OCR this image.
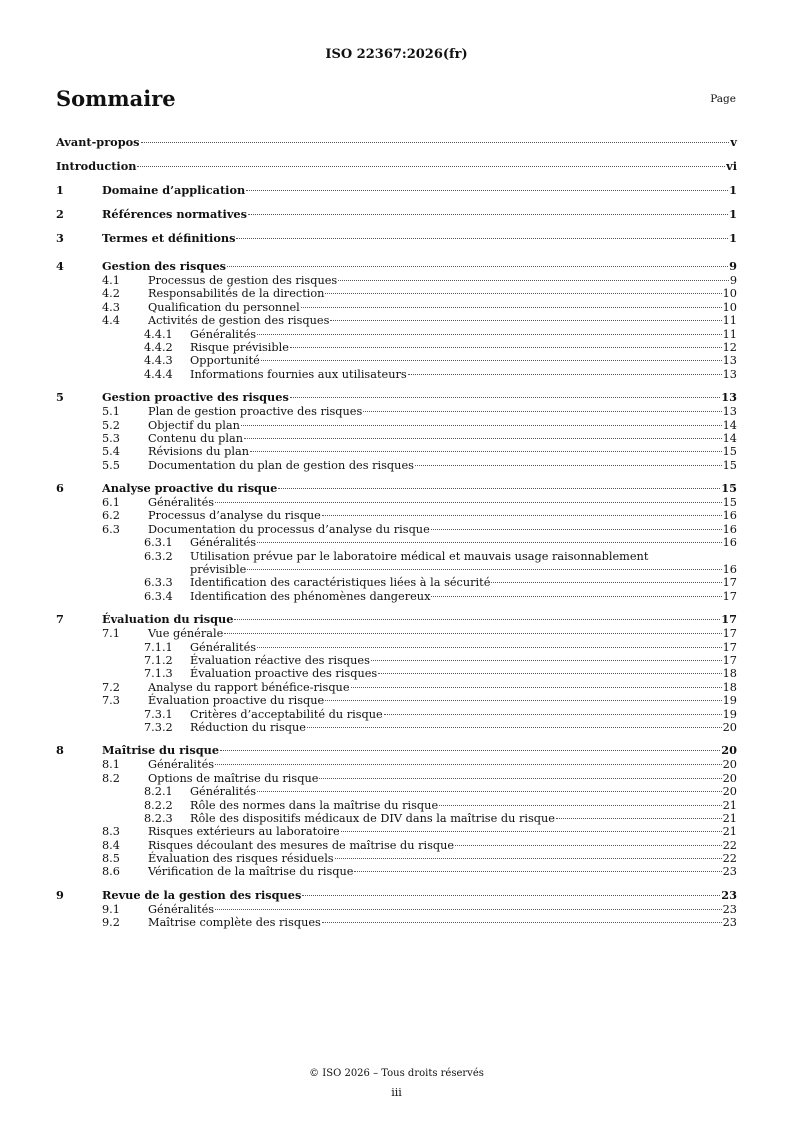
ISO 22367:2026(fr)
Sommaire	Page
Avant-propos	v
Introduction	vi
1	Domaine d’application	1
2	Références normatives	1
3	Termes et définitions	1
4	Gestion des risques	9
4.1	Processus de gestion des risques	9
4.2	Responsabilités de la direction	10
4.3	Qualification du personnel	10
4.4	Activités de gestion des risques	11
4.4.1	Généralités	11
4.4.2	Risque prévisible	12
4.4.3	Opportunité	13
4.4.4	Informations fournies aux utilisateurs	13
5	Gestion proactive des risques	13
5.1	Plan de gestion proactive des risques	13
5.2	Objectif du plan	14
5.3	Contenu du plan	14
5.4	Révisions du plan	15
5.5	Documentation du plan de gestion des risques	15
6	Analyse proactive du risque	15
6.1	Généralités	15
6.2	Processus d’analyse du risque	16
6.3	Documentation du processus d’analyse du risque	16
6.3.1	Généralités	16
6.3.2	Utilisation prévue par le laboratoire médical et mauvais usage raisonnablement
prévisible	16
6.3.3	Identification des caractéristiques liées à la sécurité	17
6.3.4	Identification des phénomènes dangereux	17
7	Évaluation du risque	17
7.1	Vue générale	17
7.1.1	Généralités	17
7.1.2	Évaluation réactive des risques	17
7.1.3	Évaluation proactive des risques	18
7.2	Analyse du rapport bénéfice-risque	18
7.3	Évaluation proactive du risque	19
7.3.1	Critères d’acceptabilité du risque	19
7.3.2	Réduction du risque	20
8	Maîtrise du risque	20
8.1	Généralités	20
8.2	Options de maîtrise du risque	20
8.2.1	Généralités	20
8.2.2	Rôle des normes dans la maîtrise du risque	21
8.2.3	Rôle des dispositifs médicaux de DIV dans la maîtrise du risque	21
8.3	Risques extérieurs au laboratoire	21
8.4	Risques découlant des mesures de maîtrise du risque	22
8.5	Évaluation des risques résiduels	22
8.6	Vérification de la maîtrise du risque	23
9	Revue de la gestion des risques	23
9.1	Généralités	23
9.2	Maîtrise complète des risques	23
© ISO 2026 – Tous droits réservés
iii
